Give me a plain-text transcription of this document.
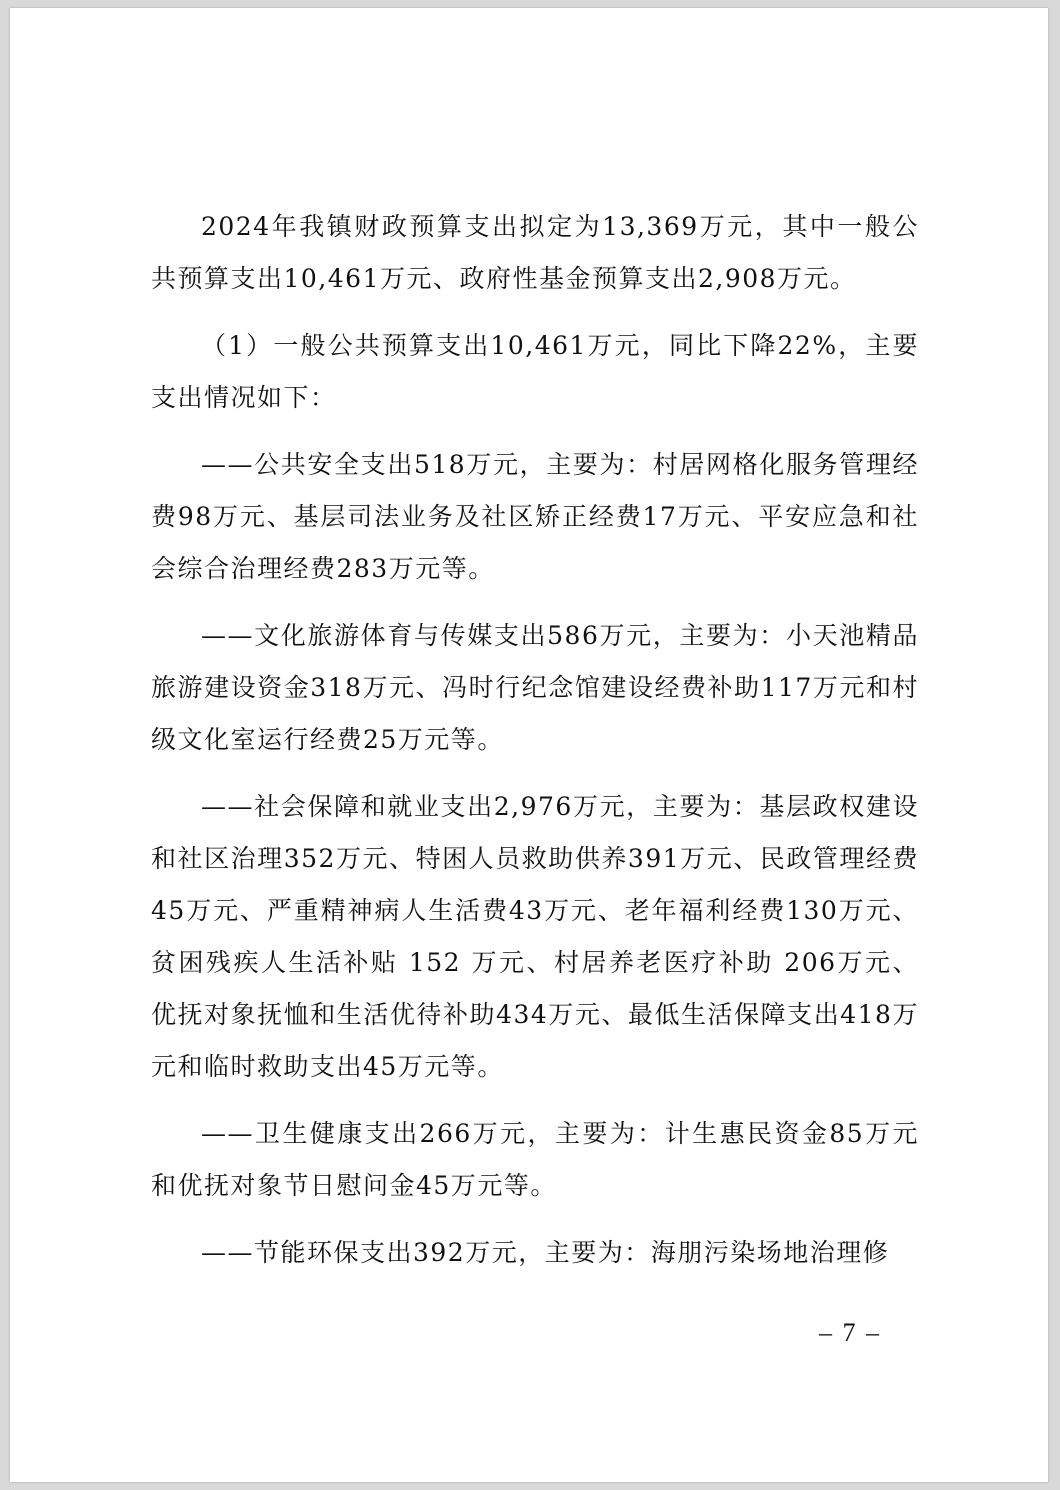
2024年我镇财政预算支出拟定为13,369万元，其中一般公共预算支出10,461万元、政府性基金预算支出2,908万元。

（1）一般公共预算支出10,461万元，同比下降22%，主要支出情况如下：

——公共安全支出518万元，主要为：村居网格化服务管理经费98万元、基层司法业务及社区矫正经费17万元、平安应急和社会综合治理经费283万元等。

——文化旅游体育与传媒支出586万元，主要为：小天池精品旅游建设资金318万元、冯时行纪念馆建设经费补助117万元和村级文化室运行经费25万元等。

——社会保障和就业支出2,976万元，主要为：基层政权建设和社区治理352万元、特困人员救助供养391万元、民政管理经费45万元、严重精神病人生活费43万元、老年福利经费130万元、贫困残疾人生活补贴 152 万元、村居养老医疗补助 206万元、优抚对象抚恤和生活优待补助434万元、最低生活保障支出418万元和临时救助支出45万元等。

——卫生健康支出266万元，主要为：计生惠民资金85万元和优抚对象节日慰问金45万元等。

——节能环保支出392万元，主要为：海朋污染场地治理修

– 7 –
